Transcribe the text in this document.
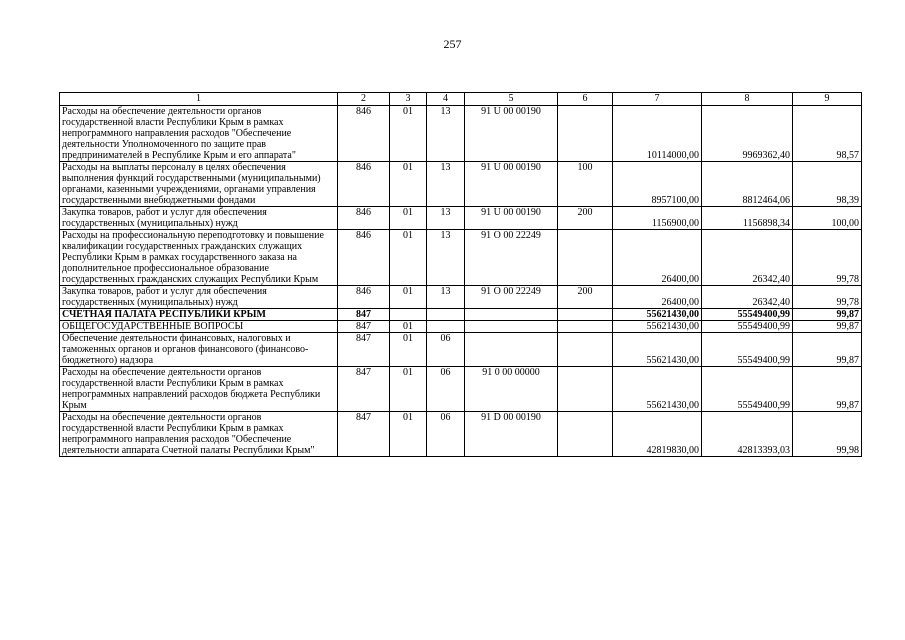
257
1	2	3	4	5	6	7	8	9
Расходы на обеспечение деятельности органов государственной власти Республики Крым в рамках непрограммного направления расходов "Обеспечение деятельности Уполномоченного по защите прав предпринимателей в Республике Крым и его аппарата"	846	01	13	91 U 00 00190		10114000,00	9969362,40	98,57
Расходы на выплаты персоналу в целях обеспечения выполнения функций государственными (муниципальными) органами, казенными учреждениями, органами управления государственными внебюджетными фондами	846	01	13	91 U 00 00190	100	8957100,00	8812464,06	98,39
Закупка товаров, работ и услуг для обеспечения государственных (муниципальных) нужд	846	01	13	91 U 00 00190	200	1156900,00	1156898,34	100,00
Расходы на профессиональную переподготовку и повышение квалификации государственных гражданских служащих Республики Крым в рамках государственного заказа на дополнительное профессиональное образование государственных гражданских служащих Республики Крым	846	01	13	91 O 00 22249		26400,00	26342,40	99,78
Закупка товаров, работ и услуг для обеспечения государственных (муниципальных) нужд	846	01	13	91 O 00 22249	200	26400,00	26342,40	99,78
СЧЕТНАЯ ПАЛАТА РЕСПУБЛИКИ КРЫМ	847					55621430,00	55549400,99	99,87
ОБЩЕГОСУДАРСТВЕННЫЕ ВОПРОСЫ	847	01				55621430,00	55549400,99	99,87
Обеспечение деятельности финансовых, налоговых и таможенных органов и органов финансового (финансово-бюджетного) надзора	847	01	06			55621430,00	55549400,99	99,87
Расходы на обеспечение деятельности органов государственной власти Республики Крым в рамках непрограммных направлений расходов бюджета Республики Крым	847	01	06	91 0 00 00000		55621430,00	55549400,99	99,87
Расходы на обеспечение деятельности органов государственной власти Республики Крым в рамках непрограммного направления расходов "Обеспечение деятельности аппарата Счетной палаты Республики Крым"	847	01	06	91 D 00 00190		42819830,00	42813393,03	99,98
